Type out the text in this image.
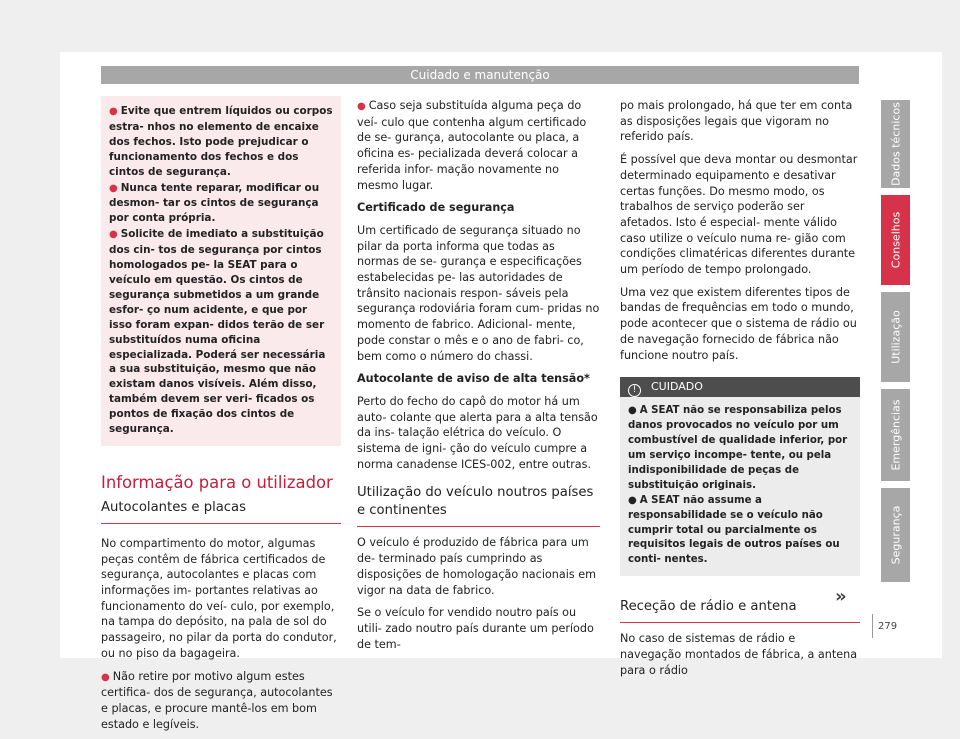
Cuidado e manutenção
● Evite que entrem líquidos ou corpos estra- nhos no elemento de encaixe dos fechos. Isto pode prejudicar o funcionamento dos fechos e dos cintos de segurança.
● Nunca tente reparar, modificar ou desmon- tar os cintos de segurança por conta própria.
● Solicite de imediato a substituição dos cin- tos de segurança por cintos homologados pe- la SEAT para o veículo em questão. Os cintos de segurança submetidos a um grande esfor- ço num acidente, e que por isso foram expan- didos terão de ser substituídos numa oficina especializada. Poderá ser necessária a sua substituição, mesmo que não existam danos visíveis. Além disso, também devem ser veri- ficados os pontos de fixação dos cintos de segurança.
Informação para o utilizador
Autocolantes e placas

No compartimento do motor, algumas peças contêm de fábrica certificados de segurança, autocolantes e placas com informações im- portantes relativas ao funcionamento do veí- culo, por exemplo, na tampa do depósito, na pala de sol do passageiro, no pilar da porta do condutor, ou no piso da bagageira.

● Não retire por motivo algum estes certifica- dos de segurança, autocolantes e placas, e procure mantê-los em bom estado e legíveis.

● Caso seja substituída alguma peça do veí- culo que contenha algum certificado de se- gurança, autocolante ou placa, a oficina es- pecializada deverá colocar a referida infor- mação novamente no mesmo lugar.

Certificado de segurança

Um certificado de segurança situado no pilar da porta informa que todas as normas de se- gurança e especificações estabelecidas pe- las autoridades de trânsito nacionais respon- sáveis pela segurança rodoviária foram cum- pridas no momento de fabrico. Adicional- mente, pode constar o mês e o ano de fabri- co, bem como o número do chassi.

Autocolante de aviso de alta tensão*

Perto do fecho do capô do motor há um auto- colante que alerta para a alta tensão da ins- talação elétrica do veículo. O sistema de igni- ção do veículo cumpre a norma canadense ICES-002, entre outras.

Utilização do veículo noutros países e continentes

O veículo é produzido de fábrica para um de- terminado país cumprindo as disposições de homologação nacionais em vigor na data de fabrico.

Se o veículo for vendido noutro país ou utili- zado noutro país durante um período de tem-

po mais prolongado, há que ter em conta as disposições legais que vigoram no referido país.

É possível que deva montar ou desmontar determinado equipamento e desativar certas funções. Do mesmo modo, os trabalhos de serviço poderão ser afetados. Isto é especial- mente válido caso utilize o veículo numa re- gião com condições climatéricas diferentes durante um período de tempo prolongado.

Uma vez que existem diferentes tipos de bandas de frequências em todo o mundo, pode acontecer que o sistema de rádio ou de navegação fornecido de fábrica não funcione noutro país.

! CUIDADO
● A SEAT não se responsabiliza pelos danos provocados no veículo por um combustível de qualidade inferior, por um serviço incompe- tente, ou pela indisponibilidade de peças de substituição originais.
● A SEAT não assume a responsabilidade se o veículo não cumprir total ou parcialmente os requisitos legais de outros países ou conti- nentes.
Receção de rádio e antena

No caso de sistemas de rádio e navegação montados de fábrica, a antena para o rádio

Dados técnicos
Conselhos
Utilização
Emergências
Segurança
»
279
